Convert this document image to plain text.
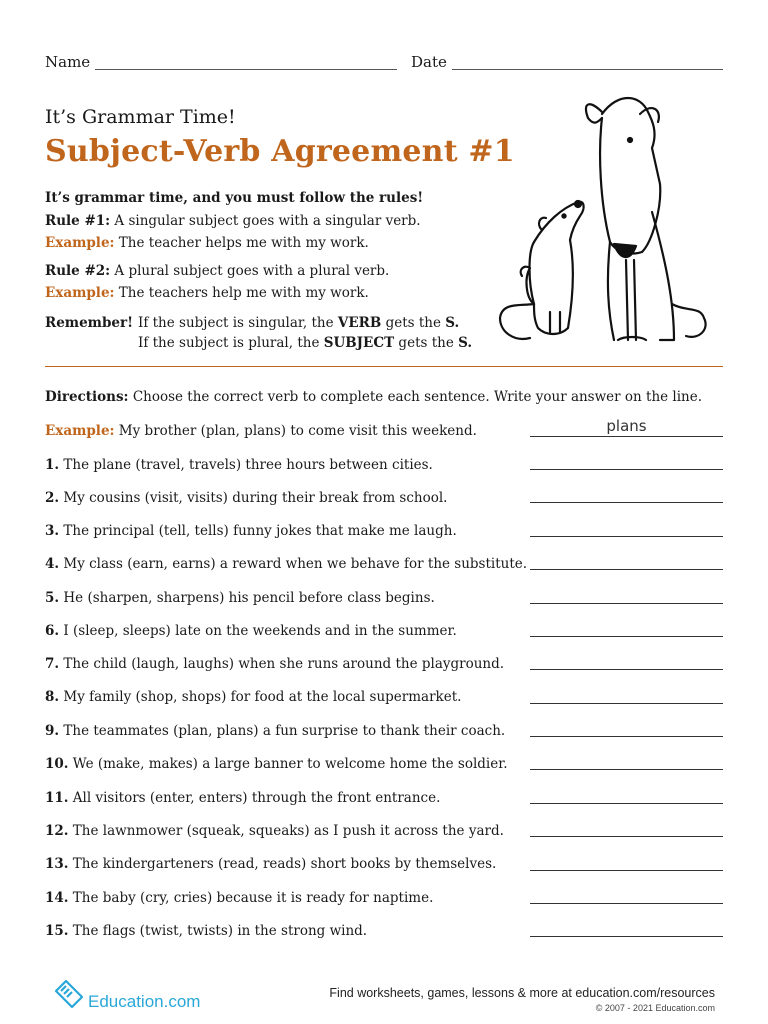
Name	Date
It’s Grammar Time!
Subject-Verb Agreement #1
It’s grammar time, and you must follow the rules!
Rule #1: A singular subject goes with a singular verb.
Example: The teacher helps me with my work.
Rule #2: A plural subject goes with a plural verb.
Example: The teachers help me with my work.
Remember! If the subject is singular, the VERB gets the S.
If the subject is plural, the SUBJECT gets the S.
Directions: Choose the correct verb to complete each sentence. Write your answer on the line.
Example: My brother (plan, plans) to come visit this weekend.	plans
1. The plane (travel, travels) three hours between cities.
2. My cousins (visit, visits) during their break from school.
3. The principal (tell, tells) funny jokes that make me laugh.
4. My class (earn, earns) a reward when we behave for the substitute.
5. He (sharpen, sharpens) his pencil before class begins.
6. I (sleep, sleeps) late on the weekends and in the summer.
7. The child (laugh, laughs) when she runs around the playground.
8. My family (shop, shops) for food at the local supermarket.
9. The teammates (plan, plans) a fun surprise to thank their coach.
10. We (make, makes) a large banner to welcome home the soldier.
11. All visitors (enter, enters) through the front entrance.
12. The lawnmower (squeak, squeaks) as I push it across the yard.
13. The kindergarteners (read, reads) short books by themselves.
14. The baby (cry, cries) because it is ready for naptime.
15. The flags (twist, twists) in the strong wind.
Education.com	Find worksheets, games, lessons & more at education.com/resources
© 2007 - 2021 Education.com
